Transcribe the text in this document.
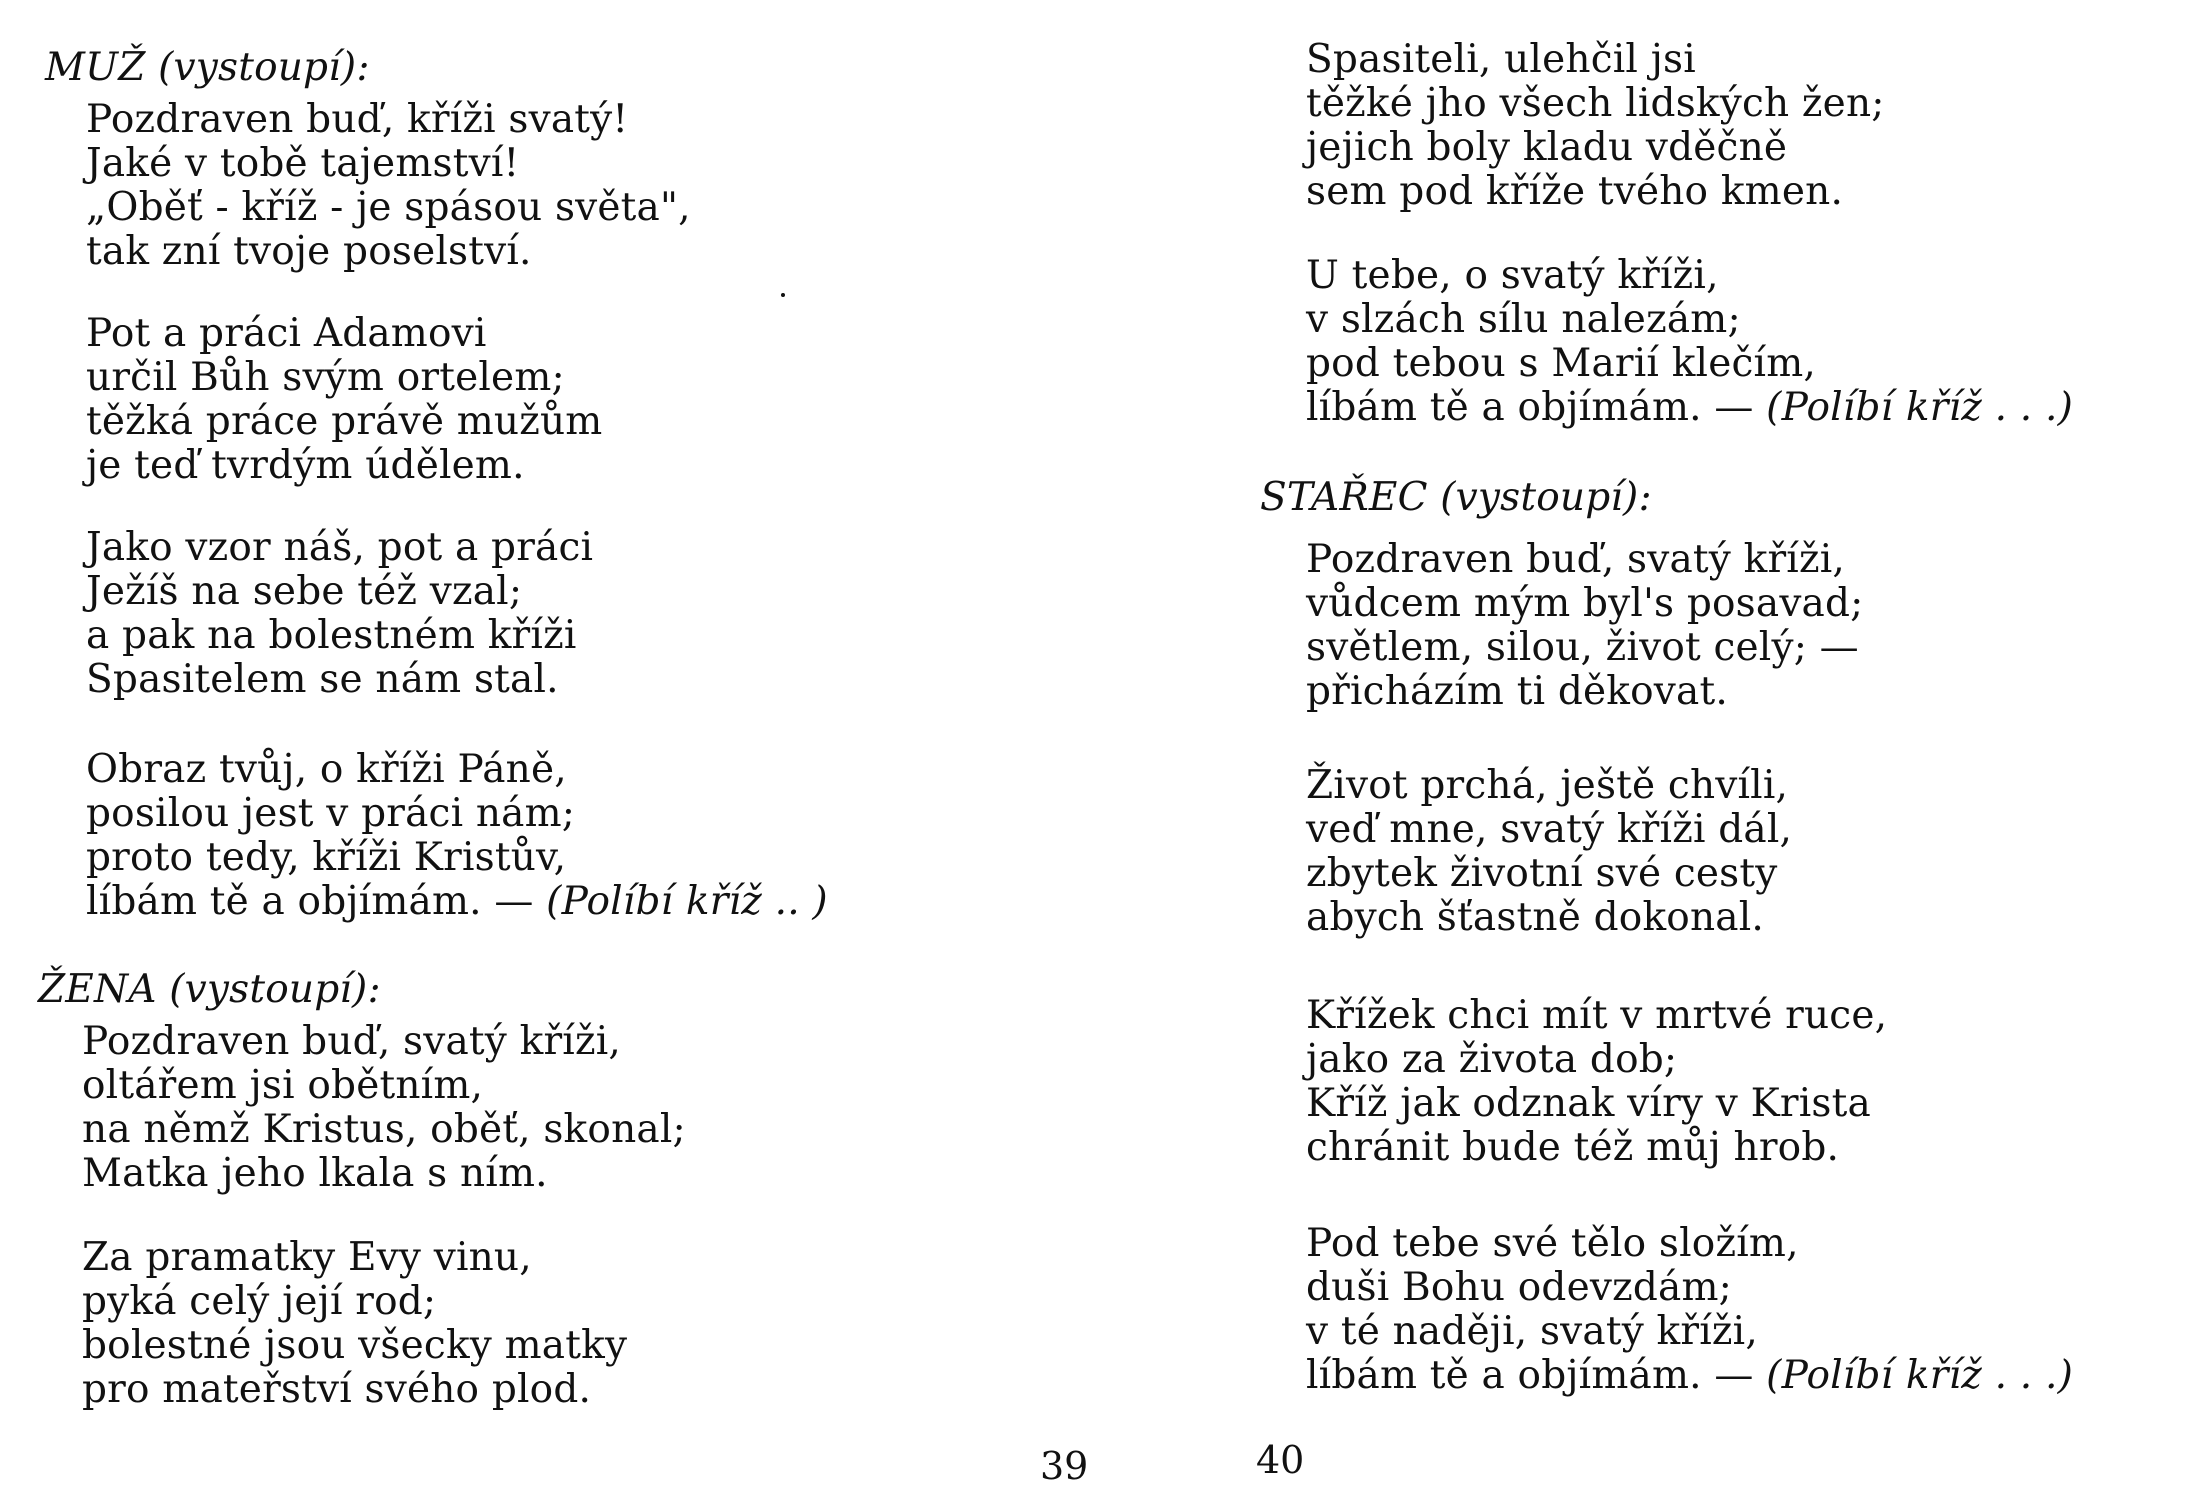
MUŽ (vystoupí):
Pozdraven buď, kříži svatý!
Jaké v tobě tajemství!
„Oběť - kříž - je spásou světa",
tak zní tvoje poselství.
Pot a práci Adamovi
určil Bůh svým ortelem;
těžká práce právě mužům
je teď tvrdým údělem.
Jako vzor náš, pot a práci
Ježíš na sebe též vzal;
a pak na bolestném kříži
Spasitelem se nám stal.
Obraz tvůj, o kříži Páně,
posilou jest v práci nám;
proto tedy, kříži Kristův,
líbám tě a objímám. — (Políbí kříž .. )
ŽENA (vystoupí):
Pozdraven buď, svatý kříži,
oltářem jsi obětním,
na němž Kristus, oběť, skonal;
Matka jeho lkala s ním.
Za pramatky Evy vinu,
pyká celý její rod;
bolestné jsou všecky matky
pro mateřství svého plod.
39
Spasiteli, ulehčil jsi
těžké jho všech lidských žen;
jejich boly kladu vděčně
sem pod kříže tvého kmen.
U tebe, o svatý kříži,
v slzách sílu nalezám;
pod tebou s Marií klečím,
líbám tě a objímám. — (Políbí kříž . . .)
STAŘEC (vystoupí):
Pozdraven buď, svatý kříži,
vůdcem mým byl's posavad;
světlem, silou, život celý; —
přicházím ti děkovat.
Život prchá, ještě chvíli,
veď mne, svatý kříži dál,
zbytek životní své cesty
abych šťastně dokonal.
Křížek chci mít v mrtvé ruce,
jako za života dob;
Kříž jak odznak víry v Krista
chránit bude též můj hrob.
Pod tebe své tělo složím,
duši Bohu odevzdám;
v té naději, svatý kříži,
líbám tě a objímám. — (Políbí kříž . . .)
40
